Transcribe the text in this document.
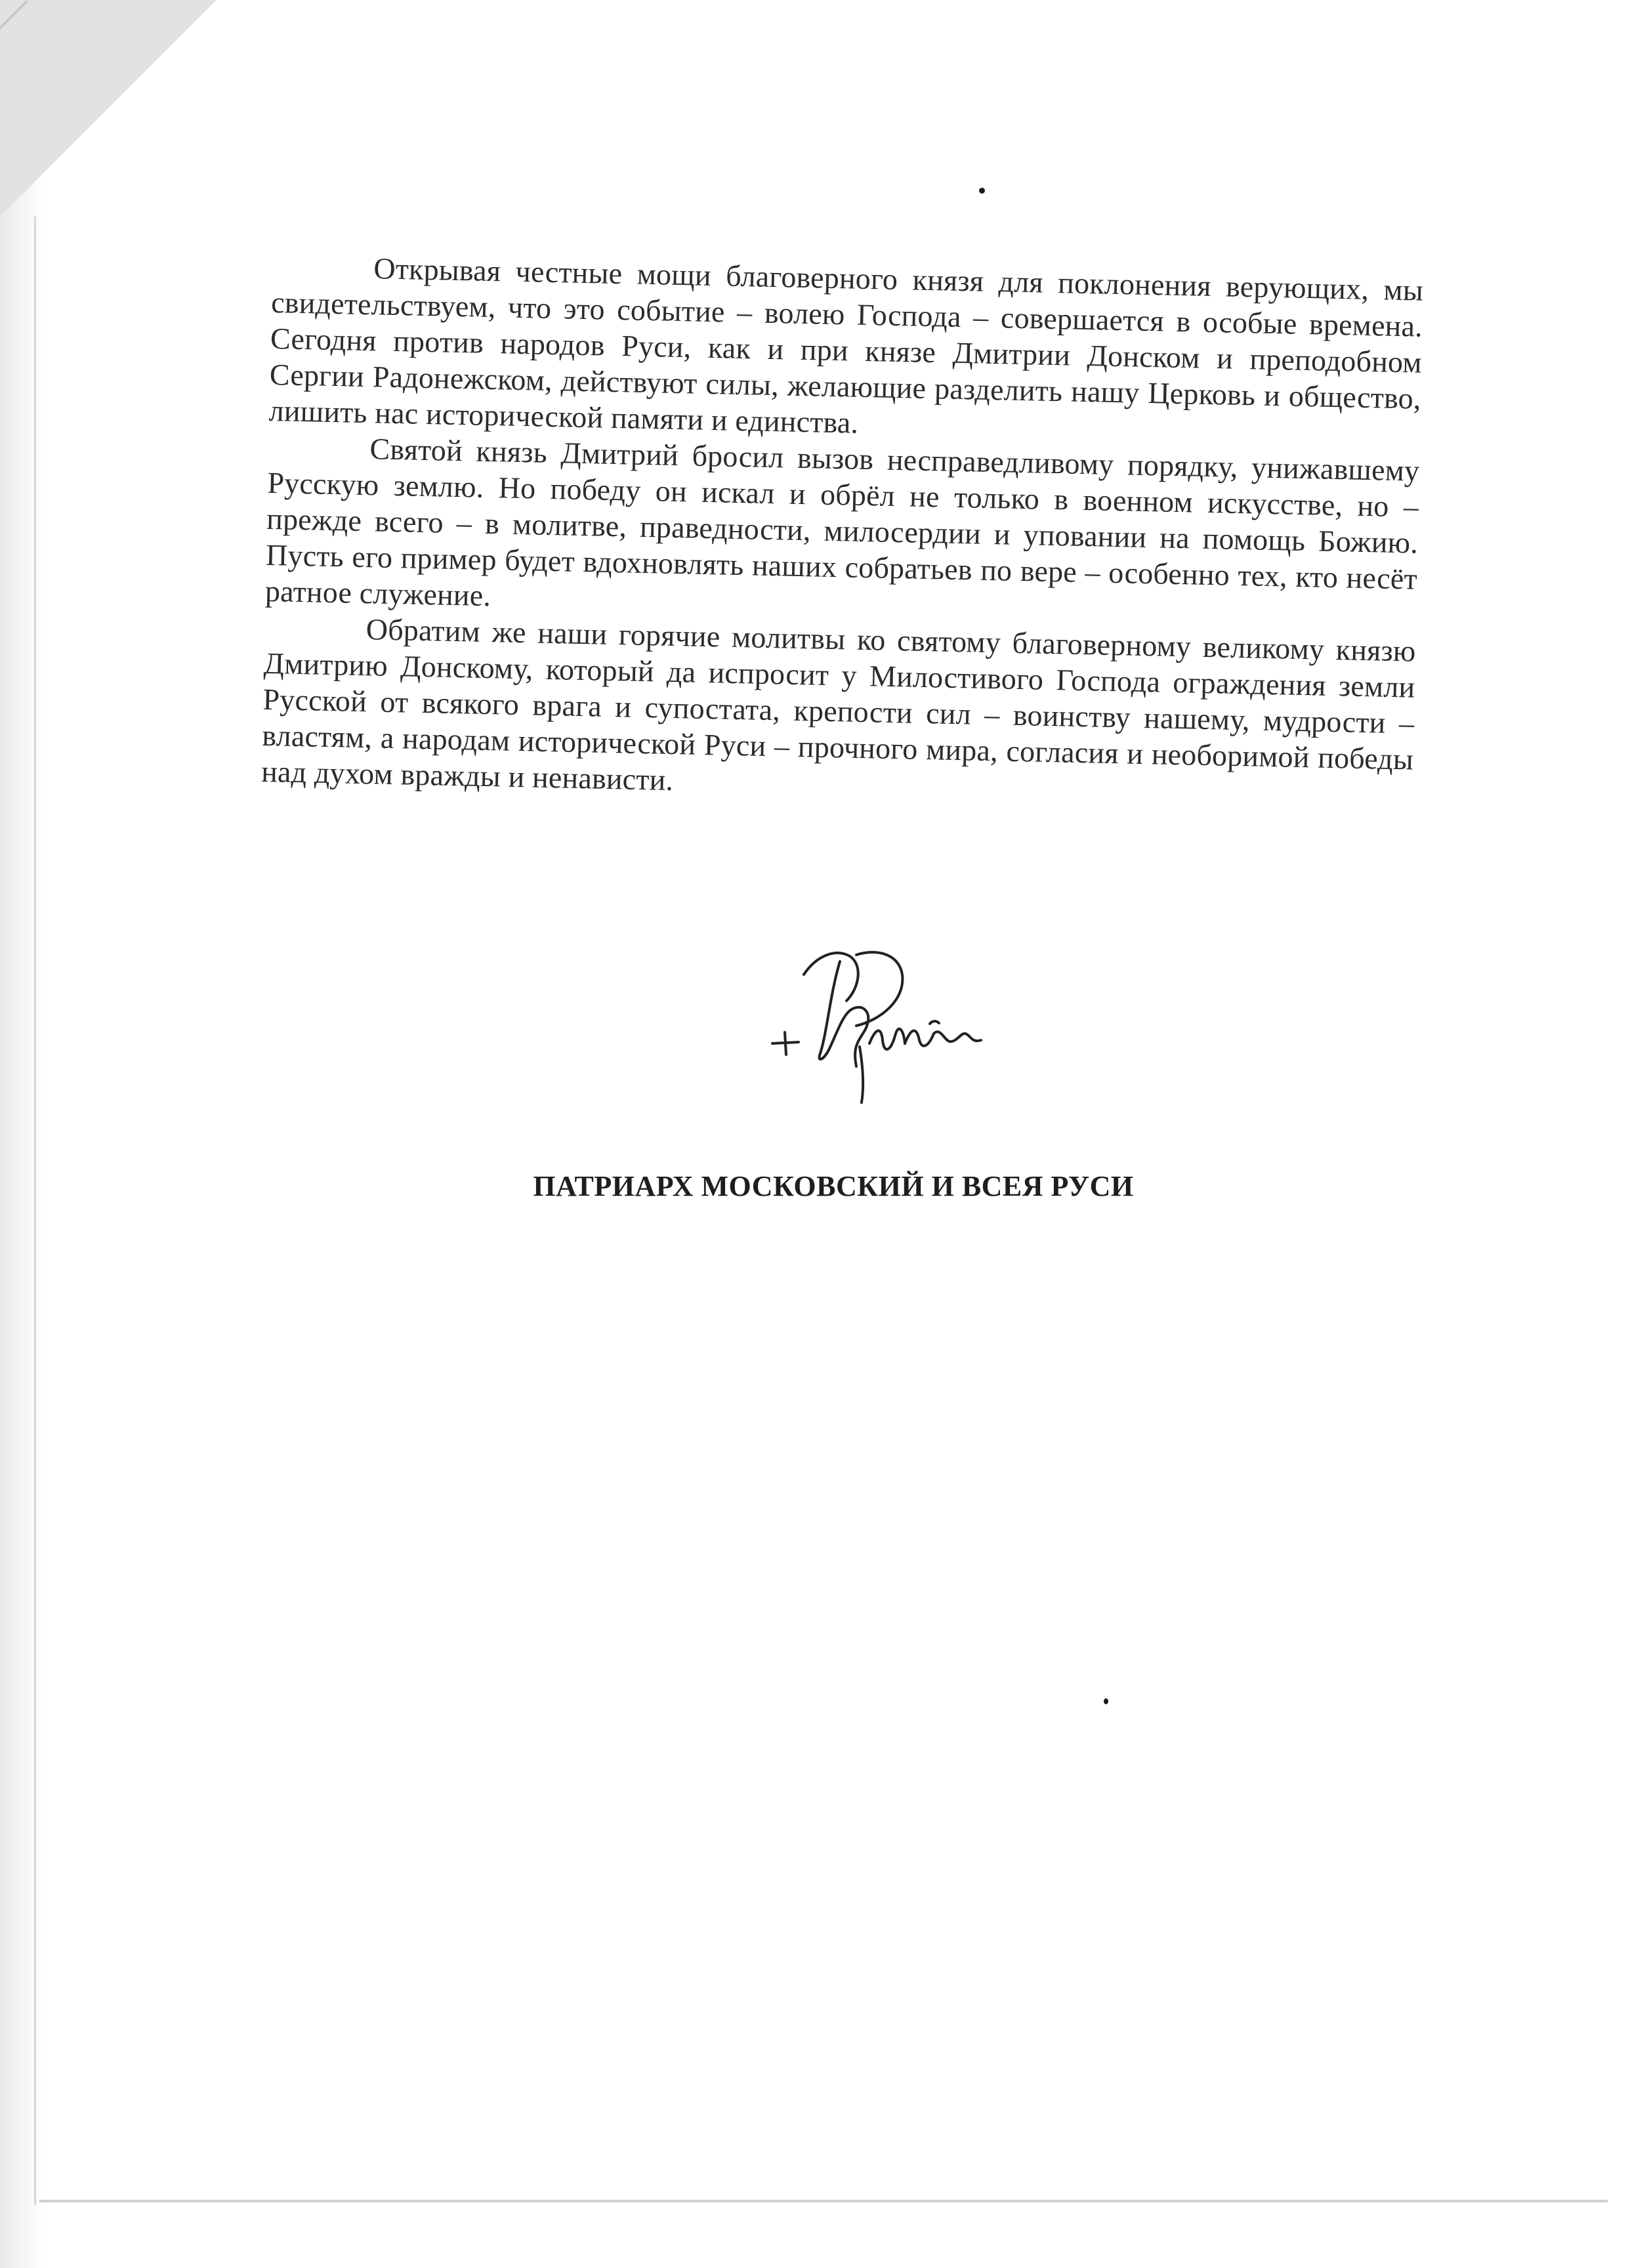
Открывая честные мощи благоверного князя для поклонения верующих, мы свидетельствуем, что это событие – волею Господа – совершается в особые времена. Сегодня против народов Руси, как и при князе Дмитрии Донском и преподобном Сергии Радонежском, действуют силы, желающие разделить нашу Церковь и общество, лишить нас исторической памяти и единства.

Святой князь Дмитрий бросил вызов несправедливому порядку, унижавшему Русскую землю. Но победу он искал и обрёл не только в военном искусстве, но – прежде всего – в молитве, праведности, милосердии и уповании на помощь Божию. Пусть его пример будет вдохновлять наших собратьев по вере – особенно тех, кто несёт ратное служение.

Обратим же наши горячие молитвы ко святому благоверному великому князю Дмитрию Донскому, который да испросит у Милостивого Господа ограждения земли Русской от всякого врага и супостата, крепости сил – воинству нашему, мудрости – властям, а народам исторической Руси – прочного мира, согласия и необоримой победы над духом вражды и ненависти.

ПАТРИАРХ МОСКОВСКИЙ И ВСЕЯ РУСИ
